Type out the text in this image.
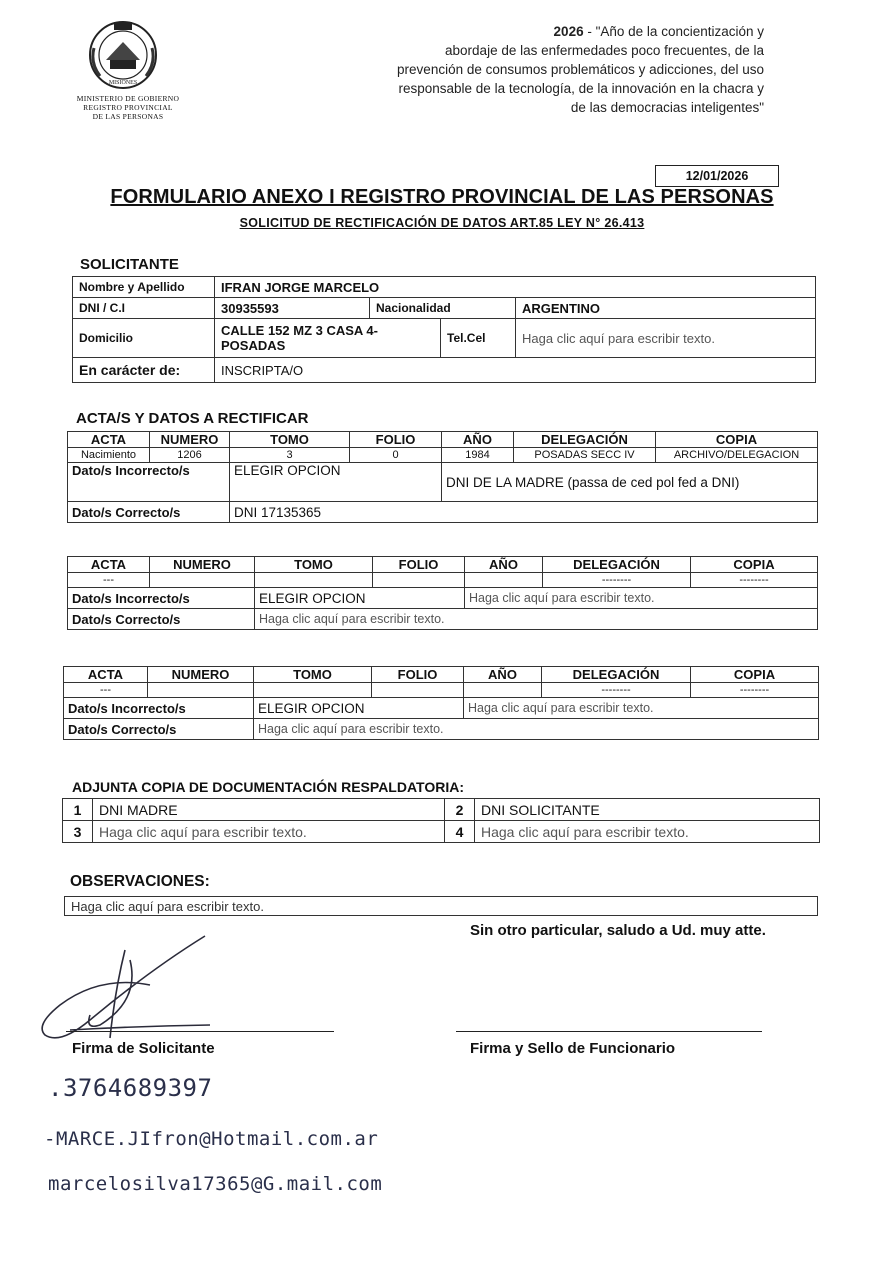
MISIONES
MINISTERIO DE GOBIERNO
REGISTRO PROVINCIAL
DE LAS PERSONAS
2026 - "Año de la concientización y
abordaje de las enfermedades poco frecuentes, de la
prevención de consumos problemáticos y adicciones, del uso
responsable de la tecnología, de la innovación en la chacra y
de las democracias inteligentes"
12/01/2026
FORMULARIO ANEXO I REGISTRO PROVINCIAL DE LAS PERSONAS
SOLICITUD DE RECTIFICACIÓN DE DATOS ART.85 LEY N° 26.413
SOLICITANTE
Nombre y Apellido	IFRAN JORGE MARCELO			
DNI / C.I	30935593	Nacionalidad		ARGENTINO
Domicilio	CALLE 152 MZ 3 CASA 4- POSADAS		Tel.Cel	Haga clic aquí para escribir texto.
En carácter de:	INSCRIPTA/O			
ACTA/S Y DATOS A RECTIFICAR
ACTA	NUMERO	TOMO	FOLIO	AÑO	DELEGACIÓN	COPIA
Nacimiento	1206	3	0	1984	POSADAS SECC IV	ARCHIVO/DELEGACION
Dato/s Incorrecto/s		ELEGIR OPCION		DNI DE LA MADRE (passa de ced pol fed a DNI)		
Dato/s Correcto/s		DNI 17135365				
ACTA	NUMERO	TOMO	FOLIO	AÑO	DELEGACIÓN	COPIA
---					--------	--------
Dato/s Incorrecto/s		ELEGIR OPCION		Haga clic aquí para escribir texto.		
Dato/s Correcto/s		Haga clic aquí para escribir texto.				
ACTA	NUMERO	TOMO	FOLIO	AÑO	DELEGACIÓN	COPIA
---					--------	--------
Dato/s Incorrecto/s		ELEGIR OPCION		Haga clic aquí para escribir texto.		
Dato/s Correcto/s		Haga clic aquí para escribir texto.				
ADJUNTA COPIA DE DOCUMENTACIÓN RESPALDATORIA:
1	DNI MADRE	2	DNI SOLICITANTE
3	Haga clic aquí para escribir texto.	4	Haga clic aquí para escribir texto.
OBSERVACIONES:
Haga clic aquí para escribir texto.
Sin otro particular, saludo a Ud. muy atte.
Firma de Solicitante	Firma y Sello de Funcionario
.3764689397
-MARCE.JIfron@Hotmail.com.ar
marcelosilva17365@G.mail.com
